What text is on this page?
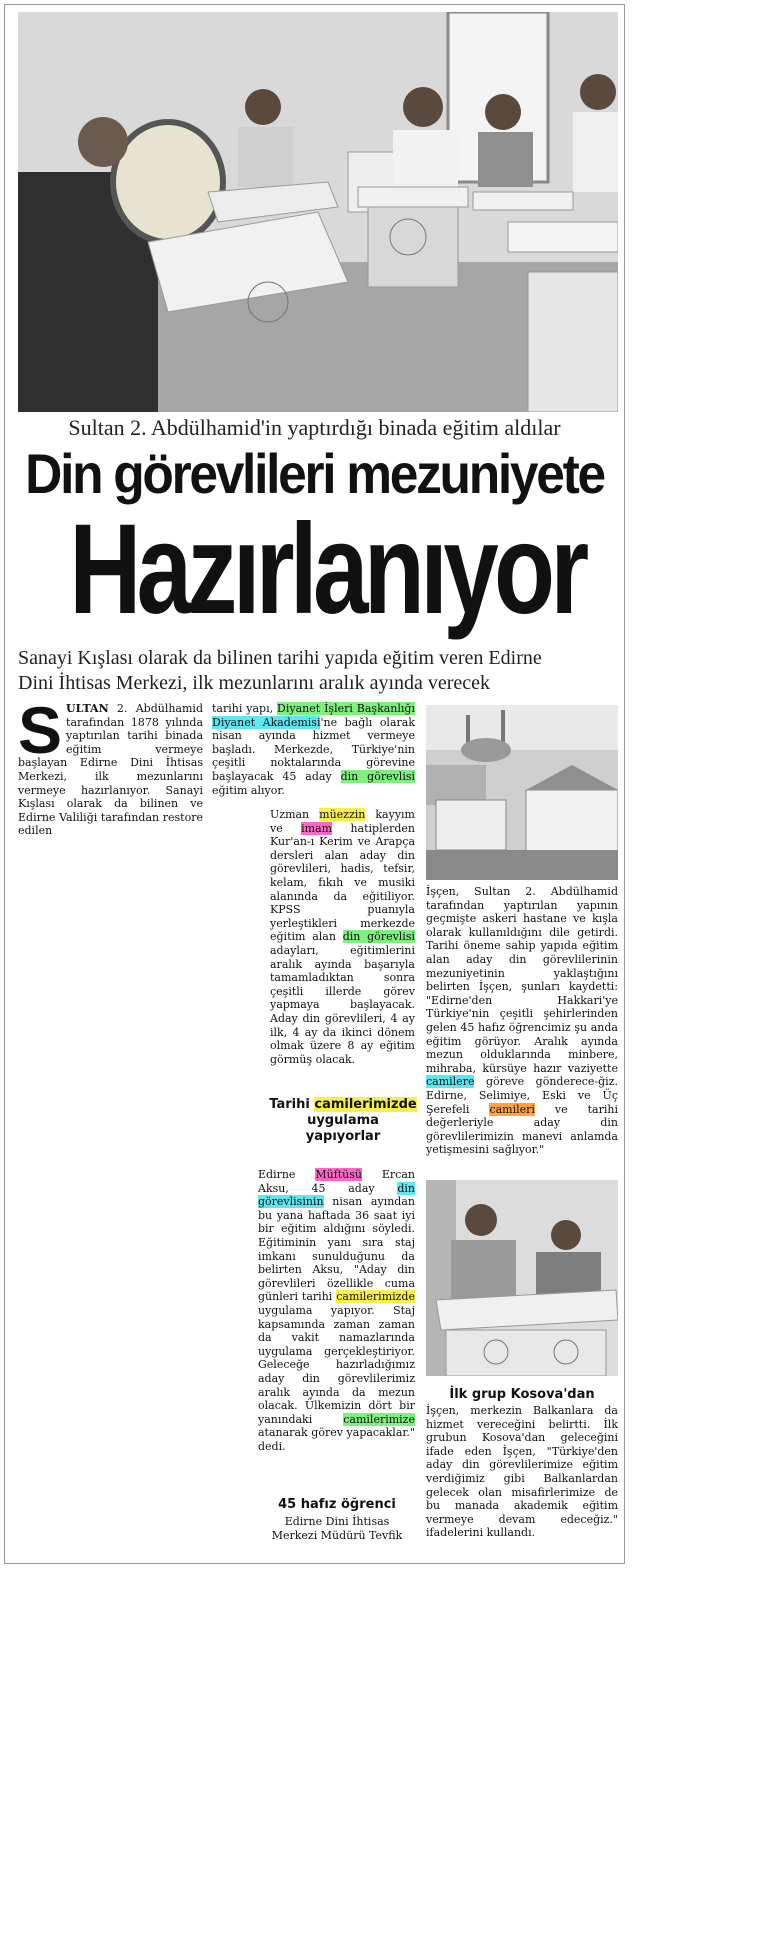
Sultan 2. Abdülhamid'in yaptırdığı binada eğitim aldılar
Din görevlileri mezuniyete
Hazırlanıyor
Sanayi Kışlası olarak da bilinen tarihi yapıda eğitim veren Edirne
Dini İhtisas Merkezi, ilk mezunlarını aralık ayında verecek

SULTAN 2. Abdülhamid tarafından 1878 yılında yaptırılan tarihi binada eğitim vermeye başlayan Edirne Dini İhtisas Merkezi, ilk mezunlarını vermeye hazırlanıyor. Sanayi Kışlası olarak da bilinen ve Edirne Valiliği tarafından restore edilen

tarihi yapı, Diyanet İşleri Başkanlığı Diyanet Akademisi'ne bağlı olarak nisan ayında hizmet vermeye başladı. Merkezde, Türkiye'nin çeşitli noktalarında görevine başlayacak 45 aday din görevlisi eğitim alıyor.

Uzman müezzin kayyım ve imam hatiplerden Kur'an-ı Kerim ve Arapça dersleri alan aday din görevlileri, hadis, tefsir, kelam, fıkıh ve musiki alanında da eğitiliyor. KPSS puanıyla yerleştikleri merkezde eğitim alan din görevlisi adayları, eğitimlerini aralık ayında başarıyla tamamladıktan sonra çeşitli illerde görev yapmaya başlayacak. Aday din görevlileri, 4 ay ilk, 4 ay da ikinci dönem olmak üzere 8 ay eğitim görmüş olacak.

Tarihi camilerimizde uygulama yapıyorlar

Edirne Müftüsü Ercan Aksu, 45 aday din görevlisinin nisan ayından bu yana haftada 36 saat iyi bir eğitim aldığını söyledi. Eğitiminin yanı sıra staj imkanı sunulduğunu da belirten Aksu, "Aday din görevlileri özellikle cuma günleri tarihi camilerimizde uygulama yapıyor. Staj kapsamında zaman zaman da vakit namazlarında uygulama gerçekleştiriyor. Geleceğe hazırladığımız aday din görevlilerimiz aralık ayında da mezun olacak. Ülkemizin dört bir yanındaki camilerimize atanarak görev yapacaklar." dedi.

45 hafız öğrenci

Edirne Dini İhtisas Merkezi Müdürü Tevfik

İşçen, Sultan 2. Abdülhamid tarafından yaptırılan yapının geçmişte askeri hastane ve kışla olarak kullanıldığını dile getirdi. Tarihi öneme sahip yapıda eğitim alan aday din görevlilerinin mezuniyetinin yaklaştığını belirten İşçen, şunları kaydetti: "Edirne'den Hakkari'ye Türkiye'nin çeşitli şehirlerinden gelen 45 hafız öğrencimiz şu anda eğitim görüyor. Aralık ayında mezun olduklarında minbere, mihraba, kürsüye hazır vaziyette camilere göreve gönderece-ğiz. Edirne, Selimiye, Eski ve Üç Şerefeli camileri ve tarihi değerleriyle aday din görevlilerimizin manevi anlamda yetişmesini sağlıyor."

İlk grup Kosova'dan

İşçen, merkezin Balkanlara da hizmet vereceğini belirtti. İlk grubun Kosova'dan geleceğini ifade eden İşçen, "Türkiye'den aday din görevlilerimize eğitim verdiğimiz gibi Balkanlardan gelecek olan misafirlerimize de bu manada akademik eğitim vermeye devam edeceğiz." ifadelerini kullandı.
